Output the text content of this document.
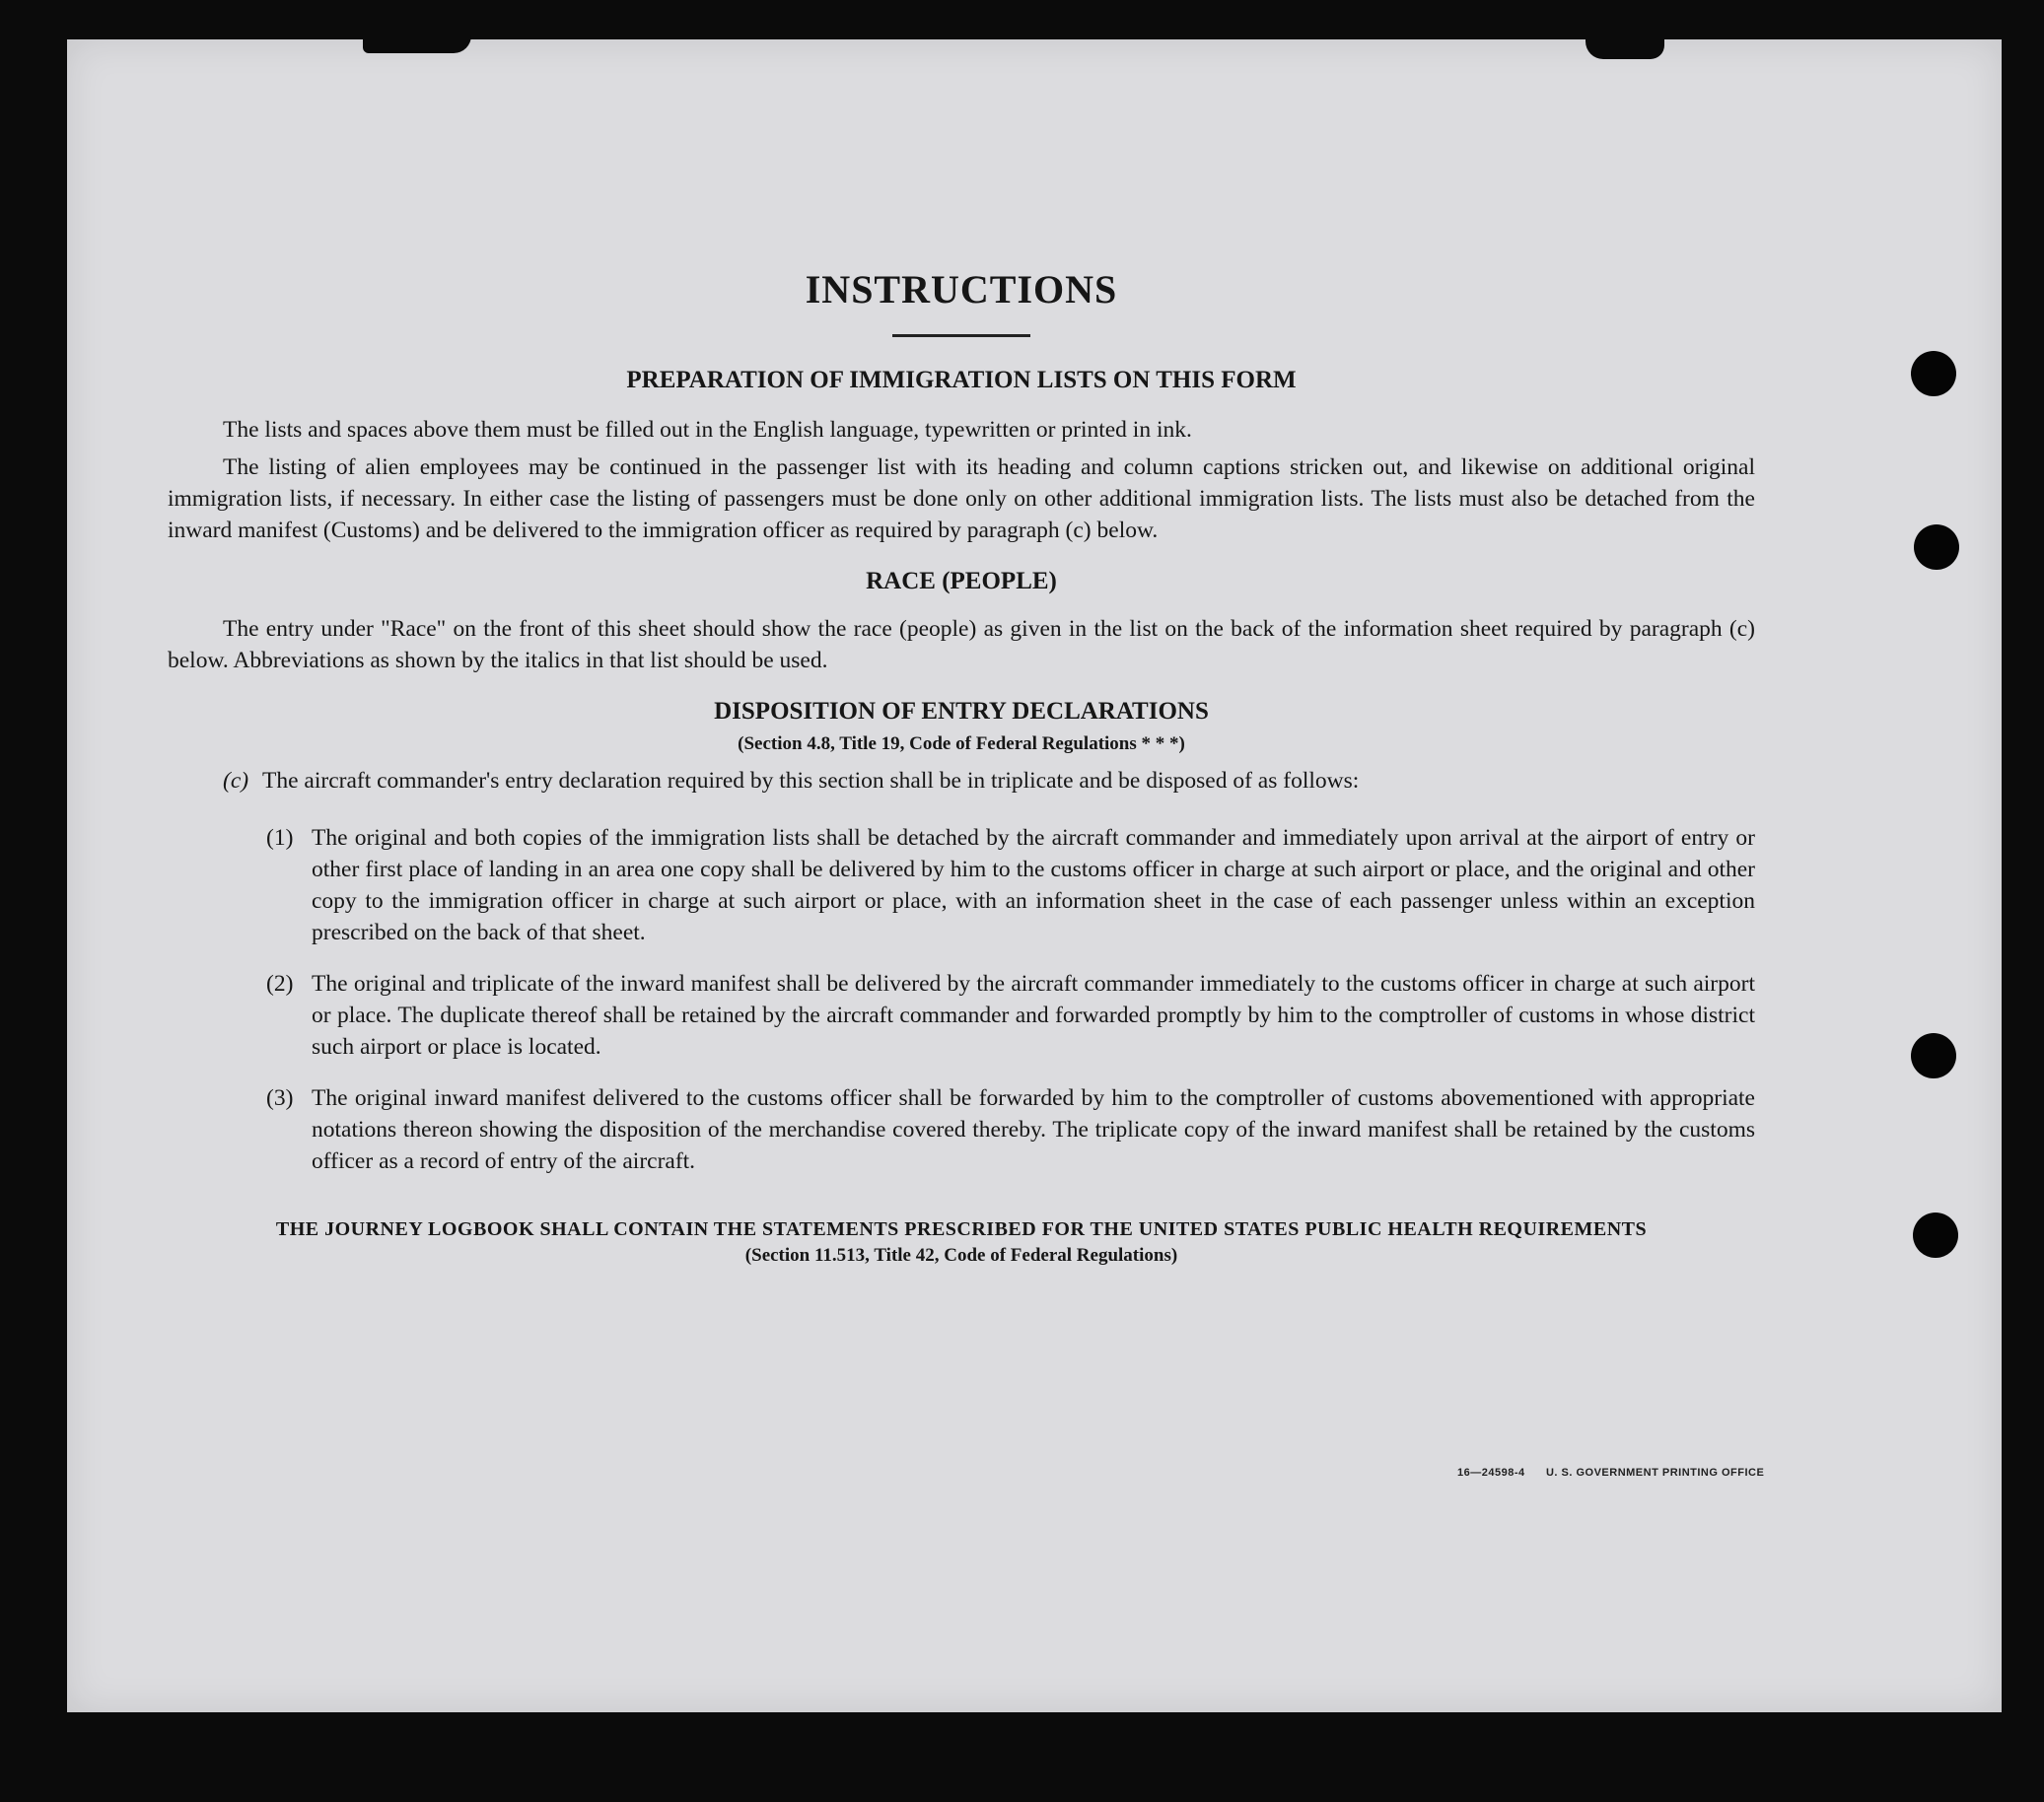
INSTRUCTIONS
PREPARATION OF IMMIGRATION LISTS ON THIS FORM

The lists and spaces above them must be filled out in the English language, typewritten or printed in ink.

The listing of alien employees may be continued in the passenger list with its heading and column captions stricken out, and likewise on additional original immigration lists, if necessary. In either case the listing of passengers must be done only on other additional immigration lists. The lists must also be detached from the inward manifest (Customs) and be delivered to the immigration officer as required by paragraph (c) below.

RACE (PEOPLE)

The entry under "Race" on the front of this sheet should show the race (people) as given in the list on the back of the information sheet required by paragraph (c) below. Abbreviations as shown by the italics in that list should be used.

DISPOSITION OF ENTRY DECLARATIONS

(Section 4.8, Title 19, Code of Federal Regulations * * *)

(c) The aircraft commander's entry declaration required by this section shall be in triplicate and be disposed of as follows:
(1) The original and both copies of the immigration lists shall be detached by the aircraft commander and immediately upon arrival at the airport of entry or other first place of landing in an area one copy shall be delivered by him to the customs officer in charge at such airport or place, and the original and other copy to the immigration officer in charge at such airport or place, with an information sheet in the case of each passenger unless within an exception prescribed on the back of that sheet.
(2) The original and triplicate of the inward manifest shall be delivered by the aircraft commander immediately to the customs officer in charge at such airport or place. The duplicate thereof shall be retained by the aircraft commander and forwarded promptly by him to the comptroller of customs in whose district such airport or place is located.
(3) The original inward manifest delivered to the customs officer shall be forwarded by him to the comptroller of customs abovementioned with appropriate notations thereon showing the disposition of the merchandise covered thereby. The triplicate copy of the inward manifest shall be retained by the customs officer as a record of entry of the aircraft.

THE JOURNEY LOGBOOK SHALL CONTAIN THE STATEMENTS PRESCRIBED FOR THE UNITED STATES PUBLIC HEALTH REQUIREMENTS

(Section 11.513, Title 42, Code of Federal Regulations)

16—24598-4 U. S. GOVERNMENT PRINTING OFFICE
